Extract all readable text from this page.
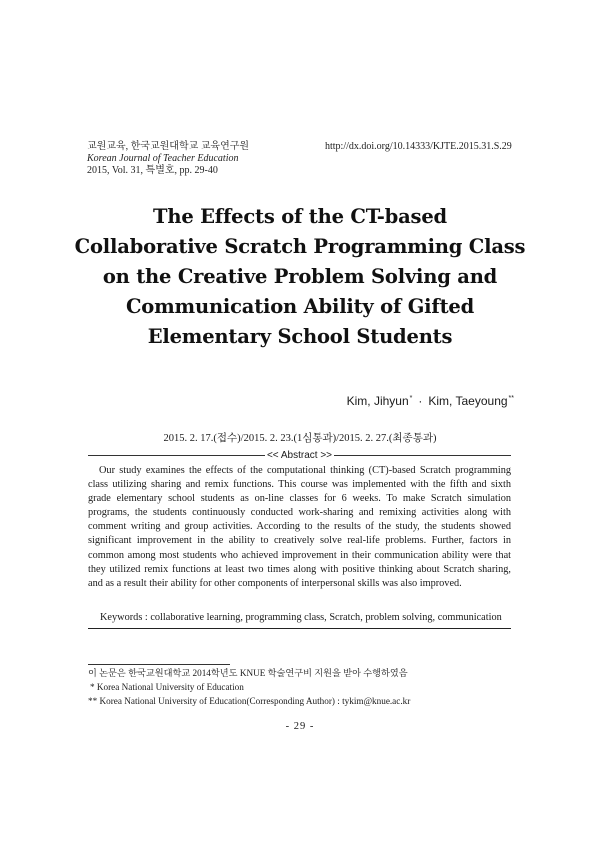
교원교육, 한국교원대학교 교육연구원
Korean Journal of Teacher Education
2015, Vol. 31, 특별호, pp. 29-40
http://dx.doi.org/10.14333/KJTE.2015.31.S.29
The Effects of the CT-based
Collaborative Scratch Programming Class
on the Creative Problem Solving and
Communication Ability of Gifted
Elementary School Students
Kim, Jihyun* · Kim, Taeyoung**
2015. 2. 17.(접수)/2015. 2. 23.(1심통과)/2015. 2. 27.(최종통과)
<< Abstract >>

Our study examines the effects of the computational thinking (CT)-based Scratch programming class utilizing sharing and remix functions. This course was implemented with the fifth and sixth grade elementary school students as on-line classes for 6 weeks. To make Scratch simulation programs, the students continuously conducted work-sharing and remixing activities along with comment writing and group activities. According to the results of the study, the students showed significant improvement in the ability to creatively solve real-life problems. Further, factors in common among most students who achieved improvement in their communication ability were that they utilized remix functions at least two times along with positive thinking about Scratch sharing, and as a result their ability for other components of interpersonal skills was also improved.

Keywords : collaborative learning, programming class, Scratch, problem solving, communication
이 논문은 한국교원대학교 2014학년도 KNUE 학술연구비 지원을 받아 수행하였음
* Korea National University of Education
** Korea National University of Education(Corresponding Author) : tykim@knue.ac.kr
- 29 -
